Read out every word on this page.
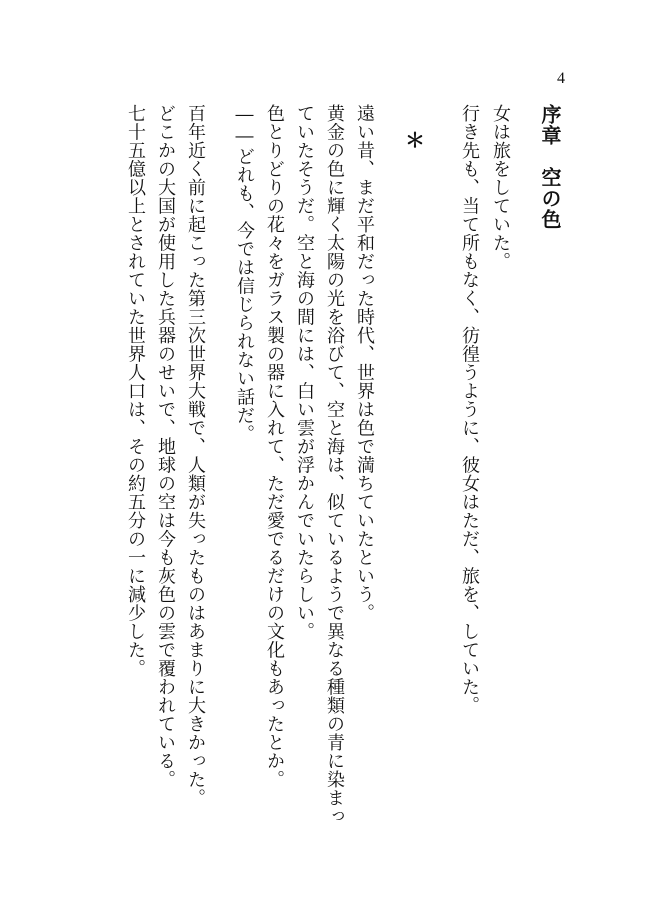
4
序章　空の色
女は旅をしていた。
行き先も、当て所もなく、彷徨うように、彼女はただ、旅を、していた。
＊
遠い昔、まだ平和だった時代、世界は色で満ちていたという。
黄金の色に輝く太陽の光を浴びて、空と海は、似ているようで異なる種類の青に染まっ
ていたそうだ。空と海の間には、白い雲が浮かんでいたらしい。
色とりどりの花々をガラス製の器に入れて、ただ愛でるだけの文化もあったとか。
――どれも、今では信じられない話だ。
百年近く前に起こった第三次世界大戦で、人類が失ったものはあまりに大きかった。
どこかの大国が使用した兵器のせいで、地球の空は今も灰色の雲で覆われている。
七十五億以上とされていた世界人口は、その約五分の一に減少した。
